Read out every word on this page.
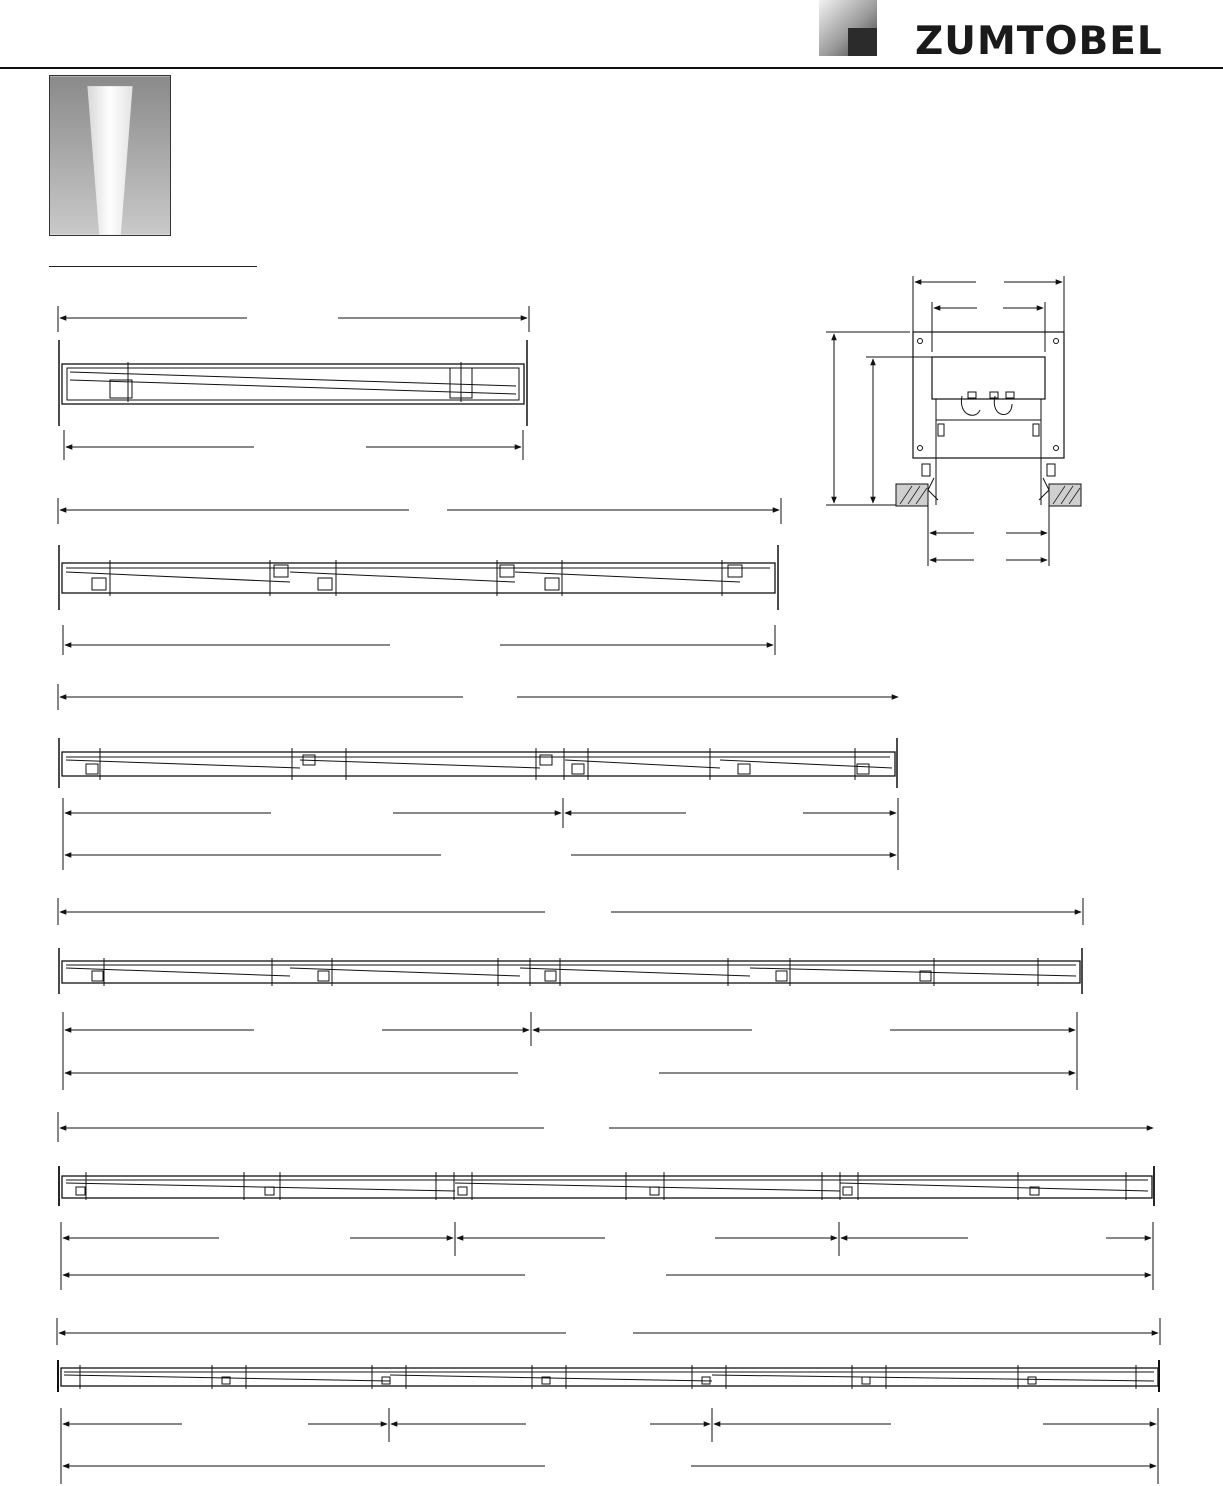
ZUMTOBEL
